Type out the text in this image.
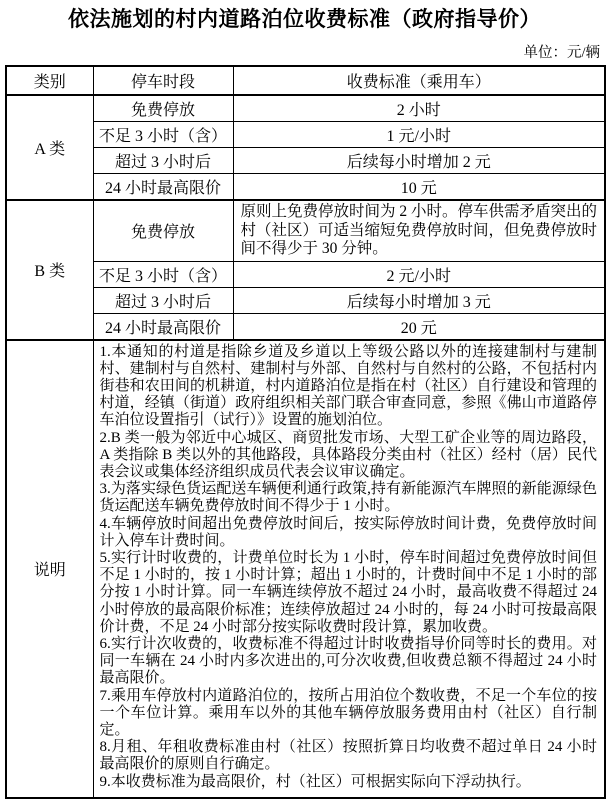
依法施划的村内道路泊位收费标准（政府指导价）
单位：元/辆
类别	停车时段	收费标准（乘用车）
A 类	免费停放	2 小时
	不足 3 小时（含）	1 元/小时
	超过 3 小时后	后续每小时增加 2 元
	24 小时最高限价	10 元
B 类	免费停放	原则上免费停放时间为 2 小时。停车供需矛盾突出的村（社区）可适当缩短免费停放时间，但免费停放时间不得少于 30 分钟。
	不足 3 小时（含）	2 元/小时
	超过 3 小时后	后续每小时增加 3 元
	24 小时最高限价	20 元
说明	

1.本通知的村道是指除乡道及乡道以上等级公路以外的连接建制村与建制村、建制村与自然村、建制村与外部、自然村与自然村的公路，不包括村内街巷和农田间的机耕道，村内道路泊位是指在村（社区）自行建设和管理的村道，经镇（街道）政府组织相关部门联合审查同意，参照《佛山市道路停车泊位设置指引（试行）》设置的施划泊位。

2.B 类一般为邻近中心城区、商贸批发市场、大型工矿企业等的周边路段，A 类指除 B 类以外的其他路段，具体路段分类由村（社区）经村（居）民代表会议或集体经济组织成员代表会议审议确定。

3.为落实绿色货运配送车辆便利通行政策,持有新能源汽车牌照的新能源绿色货运配送车辆免费停放时间不得少于 1 小时。

4.车辆停放时间超出免费停放时间后，按实际停放时间计费，免费停放时间计入停车计费时间。

5.实行计时收费的，计费单位时长为 1 小时，停车时间超过免费停放时间但不足 1 小时的，按 1 小时计算；超出 1 小时的，计费时间中不足 1 小时的部分按 1 小时计算。同一车辆连续停放不超过 24 小时，最高收费不得超过 24 小时停放的最高限价标准；连续停放超过 24 小时的，每 24 小时可按最高限价计费，不足 24 小时部分按实际收费时段计算，累加收费。

6.实行计次收费的，收费标准不得超过计时收费指导价同等时长的费用。对同一车辆在 24 小时内多次进出的,可分次收费,但收费总额不得超过 24 小时最高限价。

7.乘用车停放村内道路泊位的，按所占用泊位个数收费，不足一个车位的按一个车位计算。乘用车以外的其他车辆停放服务费用由村（社区）自行制定。

8.月租、年租收费标准由村（社区）按照折算日均收费不超过单日 24 小时最高限价的原则自行确定。

9.本收费标准为最高限价，村（社区）可根据实际向下浮动执行。
